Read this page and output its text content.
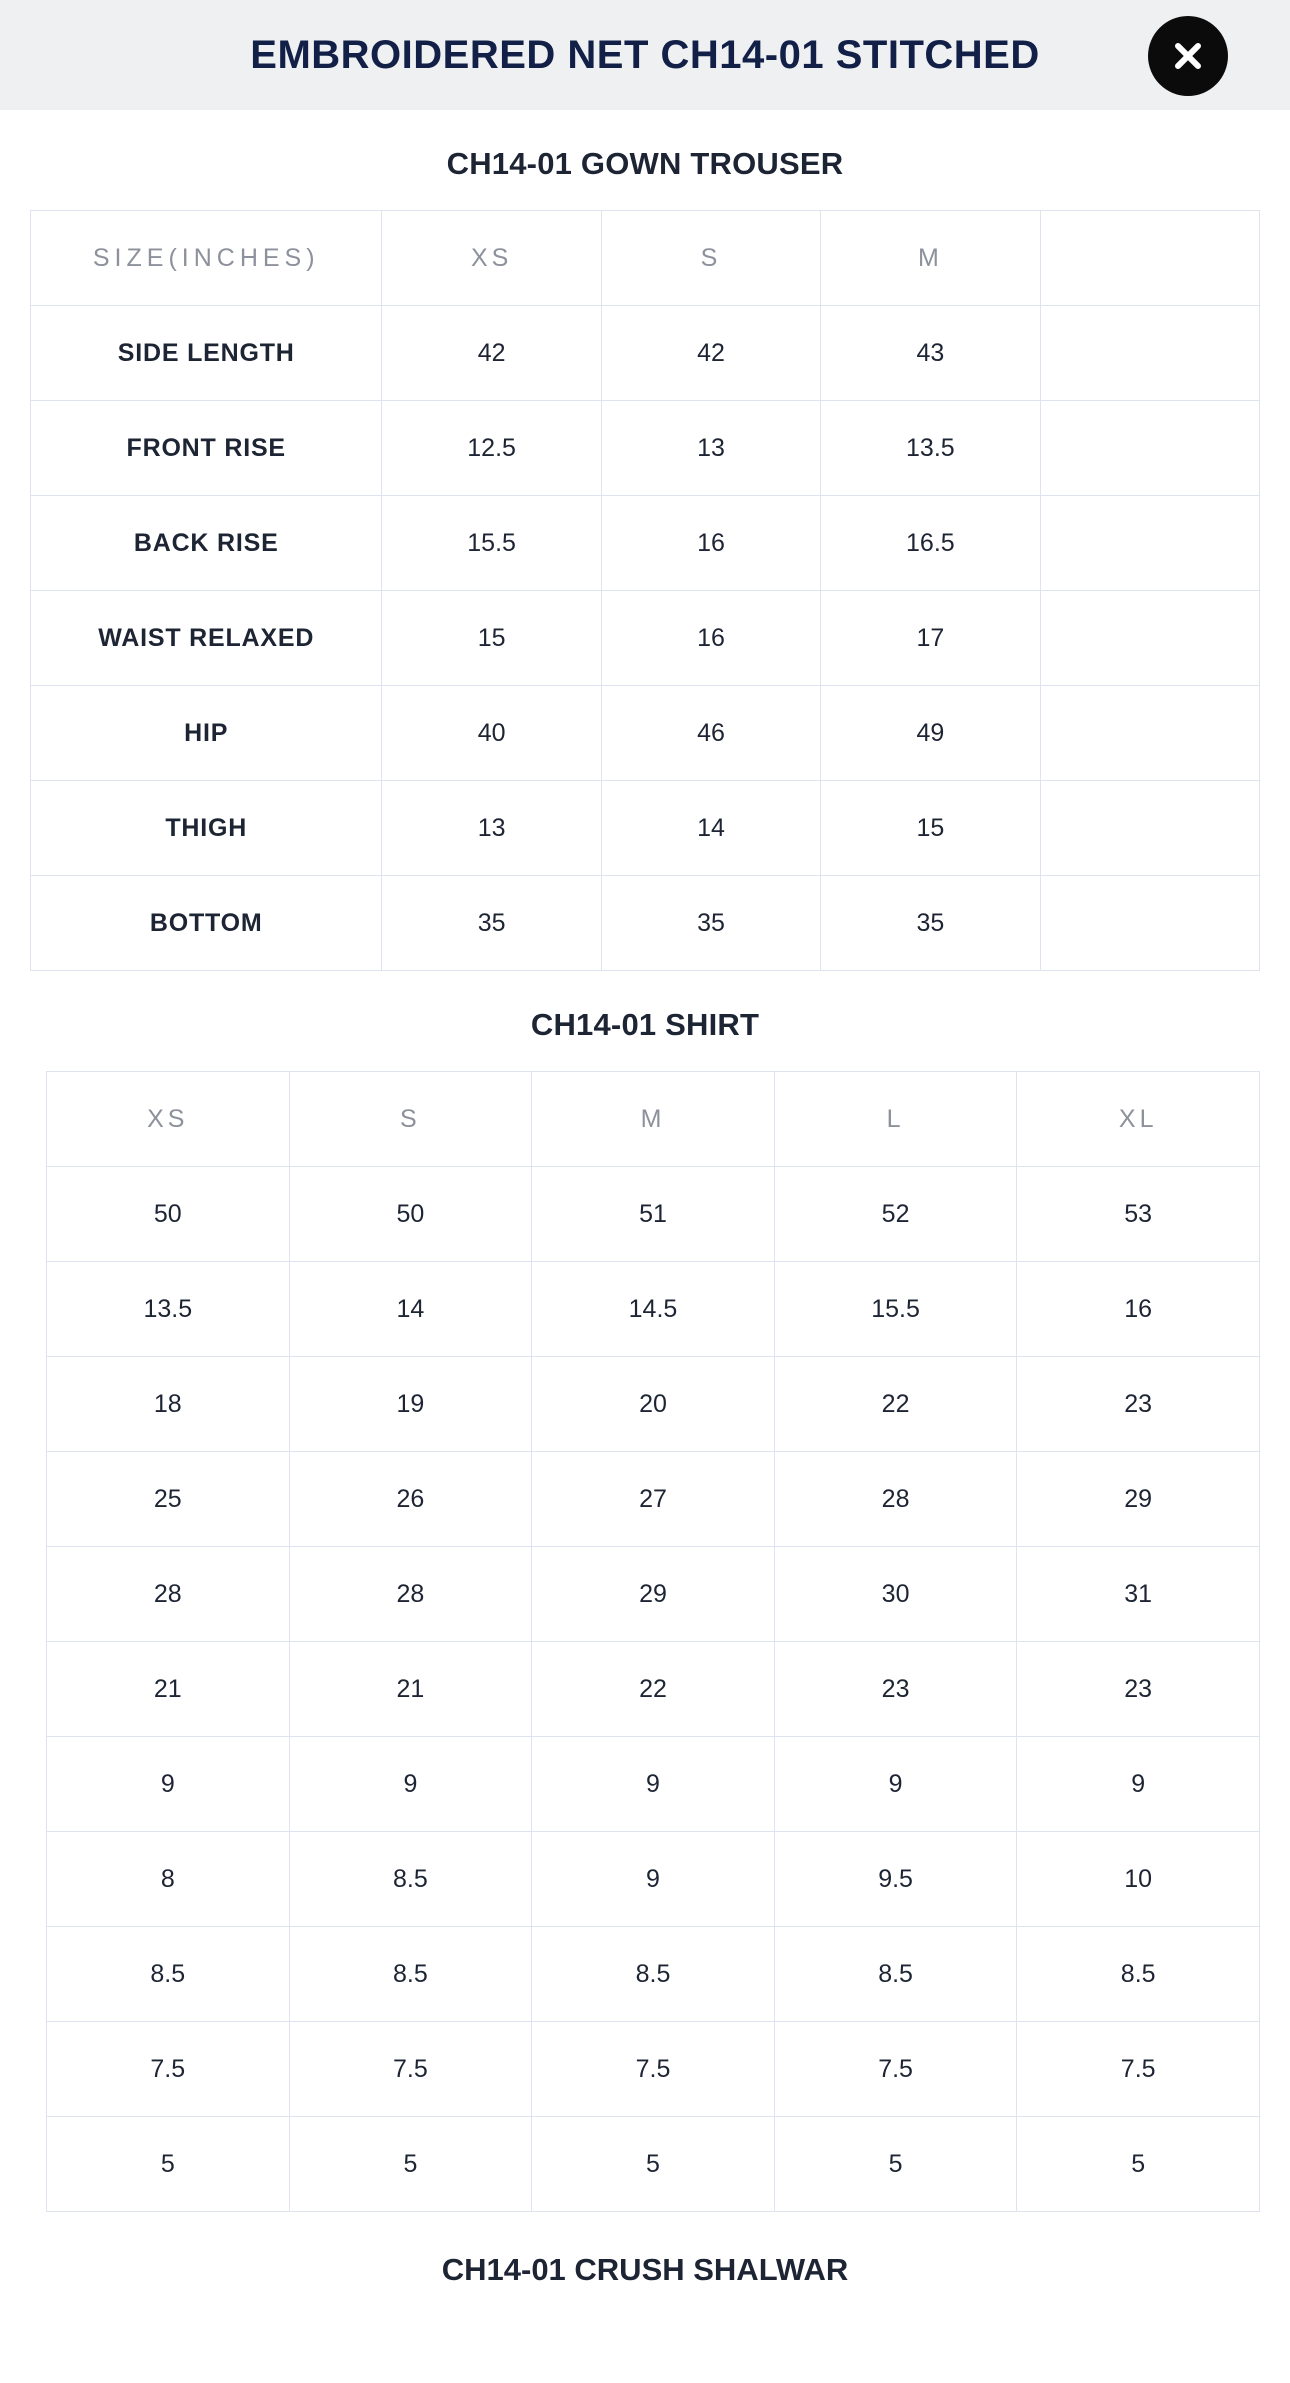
EMBROIDERED NET CH14-01 STITCHED
CH14-01 GOWN TROUSER
SIZE(INCHES)	XS	S	M	
SIDE LENGTH	42	42	43	
FRONT RISE	12.5	13	13.5	
BACK RISE	15.5	16	16.5	
WAIST RELAXED	15	16	17	
HIP	40	46	49	
THIGH	13	14	15	
BOTTOM	35	35	35	
CH14-01 SHIRT
XS	S	M	L	XL
50	50	51	52	53
13.5	14	14.5	15.5	16
18	19	20	22	23
25	26	27	28	29
28	28	29	30	31
21	21	22	23	23
9	9	9	9	9
8	8.5	9	9.5	10
8.5	8.5	8.5	8.5	8.5
7.5	7.5	7.5	7.5	7.5
5	5	5	5	5
CH14-01 CRUSH SHALWAR
